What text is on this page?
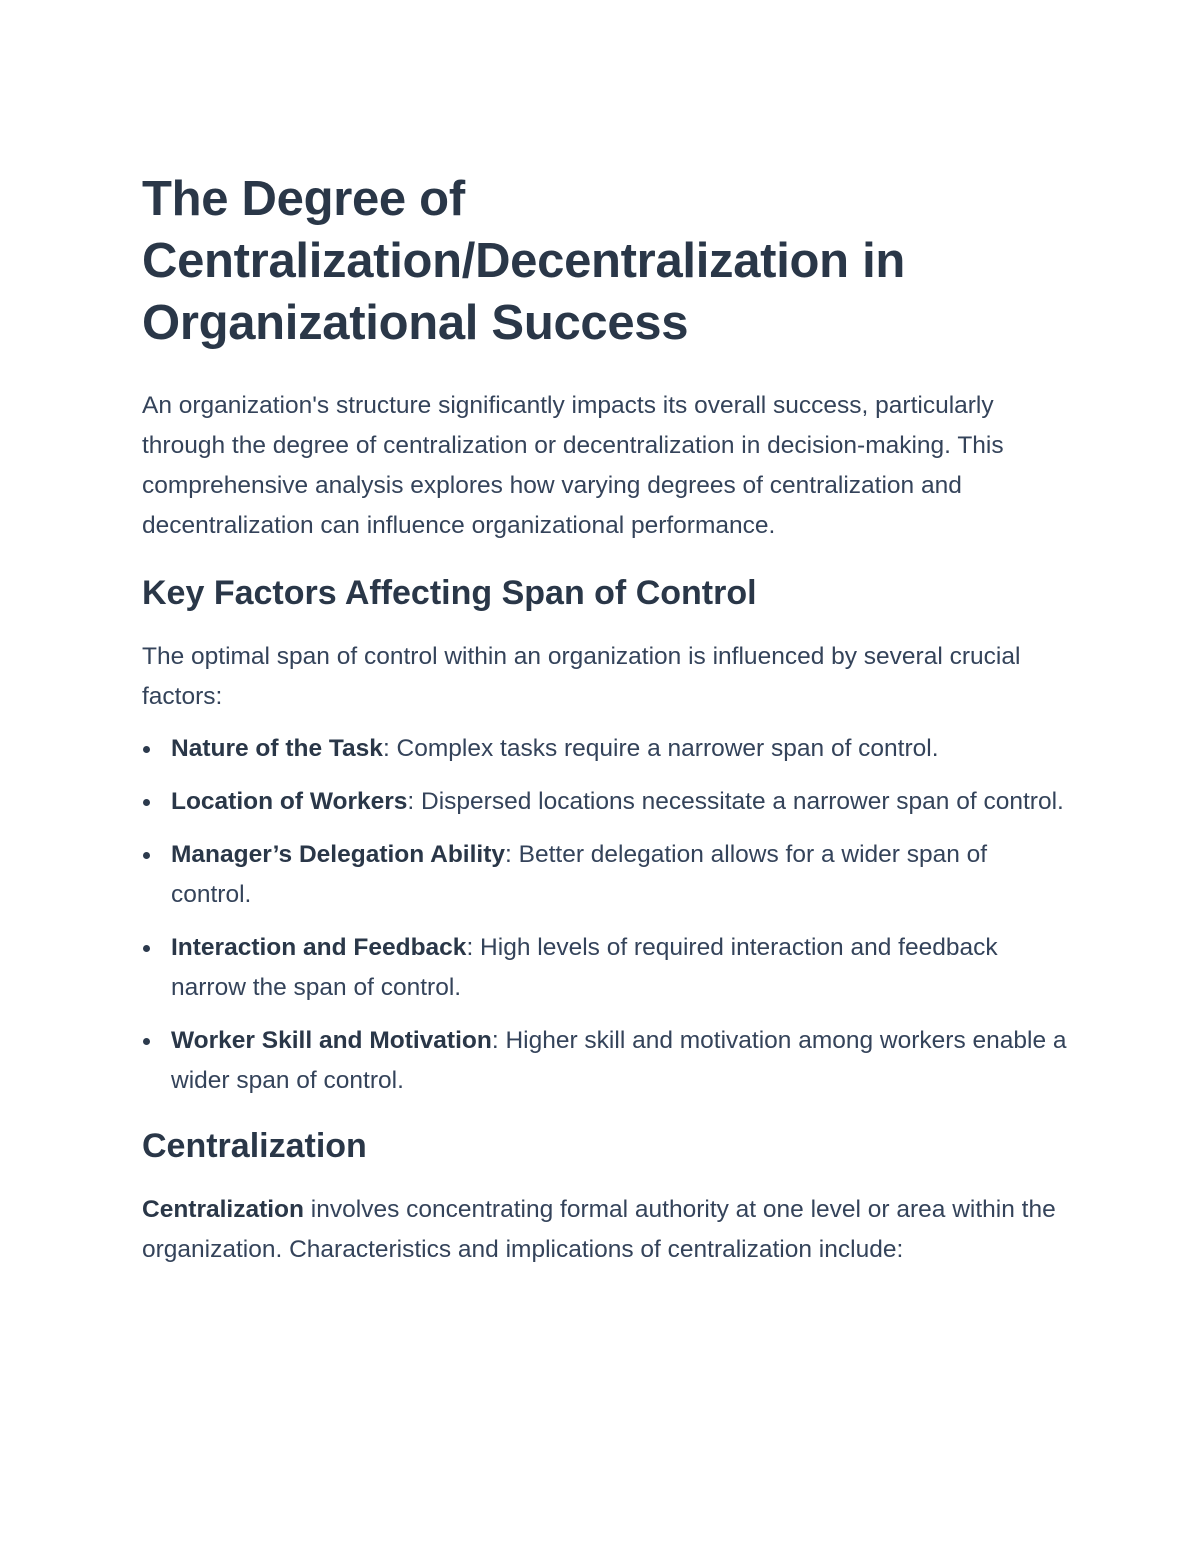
The Degree of
Centralization/Decentralization in
Organizational Success

An organization's structure significantly impacts its overall success, particularly through the degree of centralization or decentralization in decision-making. This comprehensive analysis explores how varying degrees of centralization and decentralization can influence organizational performance.

Key Factors Affecting Span of Control

The optimal span of control within an organization is influenced by several crucial factors:

Nature of the Task: Complex tasks require a narrower span of control.
Location of Workers: Dispersed locations necessitate a narrower span of control.
Manager’s Delegation Ability: Better delegation allows for a wider span of control.
Interaction and Feedback: High levels of required interaction and feedback narrow the span of control.
Worker Skill and Motivation: Higher skill and motivation among workers enable a wider span of control.
Centralization

Centralization involves concentrating formal authority at one level or area within the organization. Characteristics and implications of centralization include:
